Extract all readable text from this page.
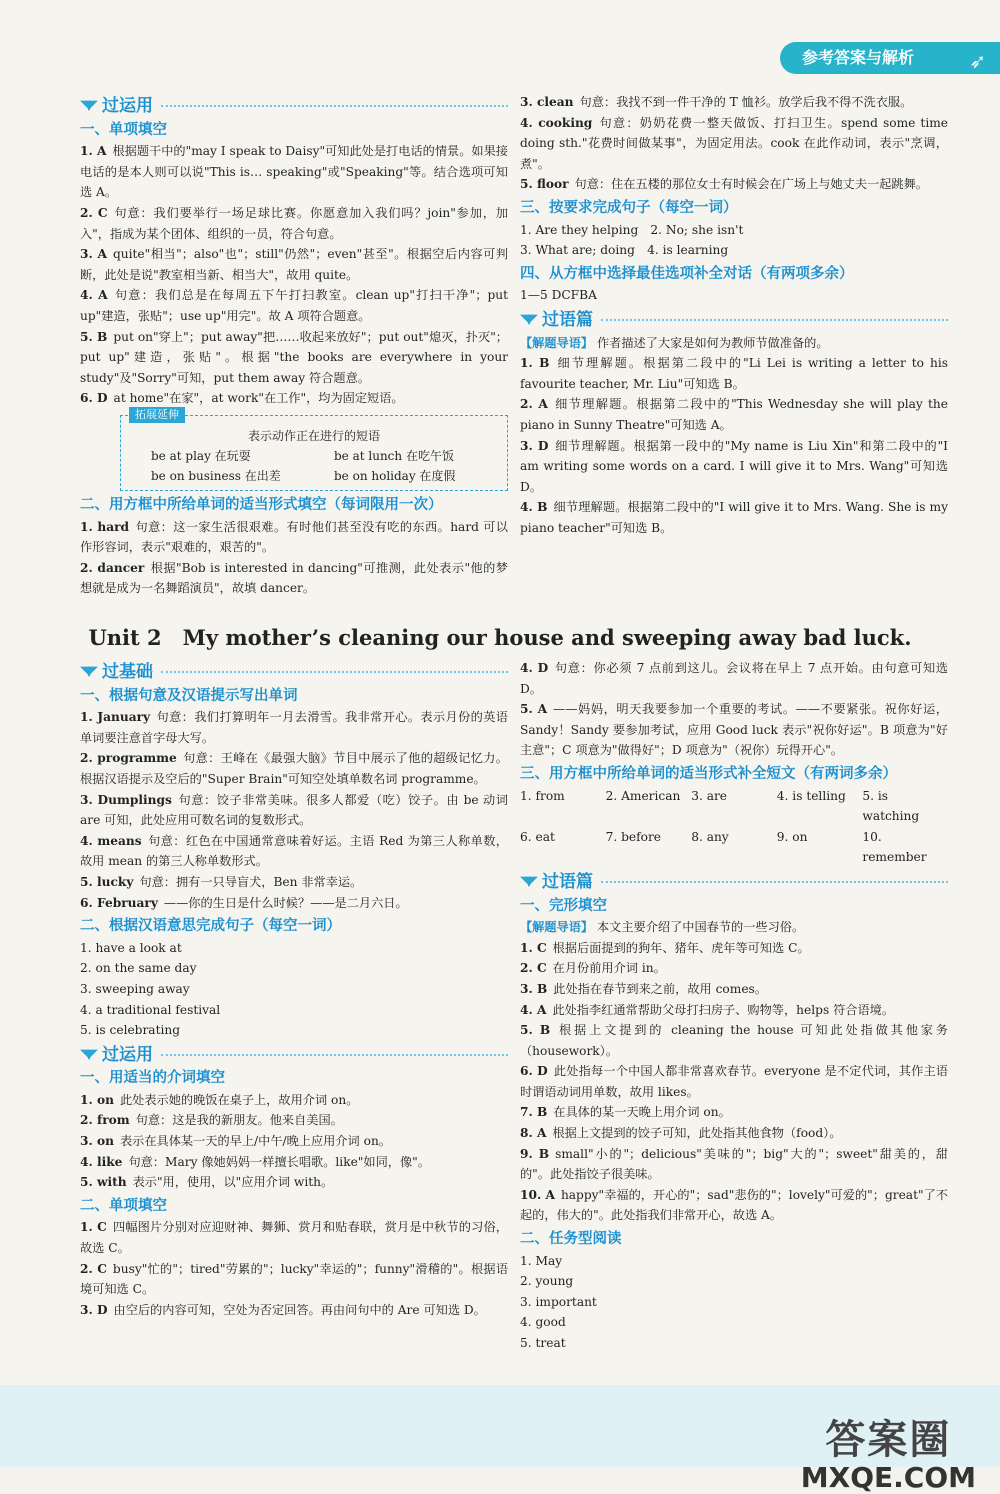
参考答案与解析	➶
◥◤ 过运用
一、单项填空
1. A 根据题干中的"may I speak to Daisy"可知此处是打电话的情景。如果接电话的是本人则可以说"This is… speaking"或"Speaking"等。结合选项可知选 A。
2. C 句意：我们要举行一场足球比赛。你愿意加入我们吗？join"参加，加入"，指成为某个团体、组织的一员，符合句意。
3. A quite"相当"；also"也"；still"仍然"；even"甚至"。根据空后内容可判断，此处是说"教室相当新、相当大"，故用 quite。
4. A 句意：我们总是在每周五下午打扫教室。clean up"打扫干净"；put up"建造，张贴"；use up"用完"。故 A 项符合题意。
5. B put on"穿上"；put away"把……收起来放好"；put out"熄灭，扑灭"；put up"建造，张贴"。根据"the books are everywhere in your study"及"Sorry"可知，put them away 符合题意。
6. D at home"在家"，at work"在工作"，均为固定短语。
拓展延伸
表示动作正在进行的短语
be at play 在玩耍	be at lunch 在吃午饭
be on business 在出差	be on holiday 在度假
二、用方框中所给单词的适当形式填空（每词限用一次）
1. hard 句意：这一家生活很艰难。有时他们甚至没有吃的东西。hard 可以作形容词，表示"艰难的，艰苦的"。
2. dancer 根据"Bob is interested in dancing"可推测，此处表示"他的梦想就是成为一名舞蹈演员"，故填 dancer。
3. clean 句意：我找不到一件干净的 T 恤衫。放学后我不得不洗衣服。
4. cooking 句意：奶奶花费一整天做饭、打扫卫生。spend some time doing sth."花费时间做某事"，为固定用法。cook 在此作动词，表示"烹调，煮"。
5. floor 句意：住在五楼的那位女士有时候会在广场上与她丈夫一起跳舞。
三、按要求完成句子（每空一词）
1. Are they helping　2. No; she isn't
3. What are; doing　4. is learning
四、从方框中选择最佳选项补全对话（有两项多余）
1—5 DCFBA
◥◤ 过语篇
【解题导语】 作者描述了大家是如何为教师节做准备的。
1. B 细节理解题。根据第二段中的"Li Lei is writing a letter to his favourite teacher, Mr. Liu"可知选 B。
2. A 细节理解题。根据第二段中的"This Wednesday she will play the piano in Sunny Theatre"可知选 A。
3. D 细节理解题。根据第一段中的"My name is Liu Xin"和第二段中的"I am writing some words on a card. I will give it to Mrs. Wang"可知选 D。
4. B 细节理解题。根据第二段中的"I will give it to Mrs. Wang. She is my piano teacher"可知选 B。
Unit 2　My mother’s cleaning our house and sweeping away bad luck.
◥◤ 过基础
一、根据句意及汉语提示写出单词
1. January 句意：我们打算明年一月去滑雪。我非常开心。表示月份的英语单词要注意首字母大写。
2. programme 句意：王峰在《最强大脑》节目中展示了他的超级记忆力。根据汉语提示及空后的"Super Brain"可知空处填单数名词 programme。
3. Dumplings 句意：饺子非常美味。很多人都爱（吃）饺子。由 be 动词 are 可知，此处应用可数名词的复数形式。
4. means 句意：红色在中国通常意味着好运。主语 Red 为第三人称单数，故用 mean 的第三人称单数形式。
5. lucky 句意：拥有一只导盲犬，Ben 非常幸运。
6. February ——你的生日是什么时候？——是二月六日。
二、根据汉语意思完成句子（每空一词）
1. have a look at
2. on the same day
3. sweeping away
4. a traditional festival
5. is celebrating
◥◤ 过运用
一、用适当的介词填空
1. on 此处表示她的晚饭在桌子上，故用介词 on。
2. from 句意：这是我的新朋友。他来自美国。
3. on 表示在具体某一天的早上/中午/晚上应用介词 on。
4. like 句意：Mary 像她妈妈一样擅长唱歌。like"如同，像"。
5. with 表示"用，使用，以"应用介词 with。
二、单项填空
1. C 四幅图片分别对应迎财神、舞狮、赏月和贴春联，赏月是中秋节的习俗，故选 C。
2. C busy"忙的"；tired"劳累的"；lucky"幸运的"；funny"滑稽的"。根据语境可知选 C。
3. D 由空后的内容可知，空处为否定回答。再由问句中的 Are 可知选 D。
4. D 句意：你必须 7 点前到这儿。会议将在早上 7 点开始。由句意可知选 D。
5. A ——妈妈，明天我要参加一个重要的考试。——不要紧张。祝你好运，Sandy！Sandy 要参加考试，应用 Good luck 表示"祝你好运"。B 项意为"好主意"；C 项意为"做得好"；D 项意为"（祝你）玩得开心"。
三、用方框中所给单词的适当形式补全短文（有两词多余）
1. from	2. American 3. are	4. is telling	5. is watching
6. eat	7. before	8. any	9. on	10. remember
◥◤ 过语篇
一、完形填空
【解题导语】 本文主要介绍了中国春节的一些习俗。
1. C 根据后面提到的狗年、猪年、虎年等可知选 C。
2. C 在月份前用介词 in。
3. B 此处指在春节到来之前，故用 comes。
4. A 此处指李红通常帮助父母打扫房子、购物等，helps 符合语境。
5. B 根据上文提到的 cleaning the house 可知此处指做其他家务（housework）。
6. D 此处指每一个中国人都非常喜欢春节。everyone 是不定代词，其作主语时谓语动词用单数，故用 likes。
7. B 在具体的某一天晚上用介词 on。
8. A 根据上文提到的饺子可知，此处指其他食物（food）。
9. B small"小的"；delicious"美味的"；big"大的"；sweet"甜美的，甜的"。此处指饺子很美味。
10. A happy"幸福的，开心的"；sad"悲伤的"；lovely"可爱的"；great"了不起的，伟大的"。此处指我们非常开心，故选 A。
二、任务型阅读
1. May
2. young
3. important
4. good
5. treat
答案圈
MXQE.COM
